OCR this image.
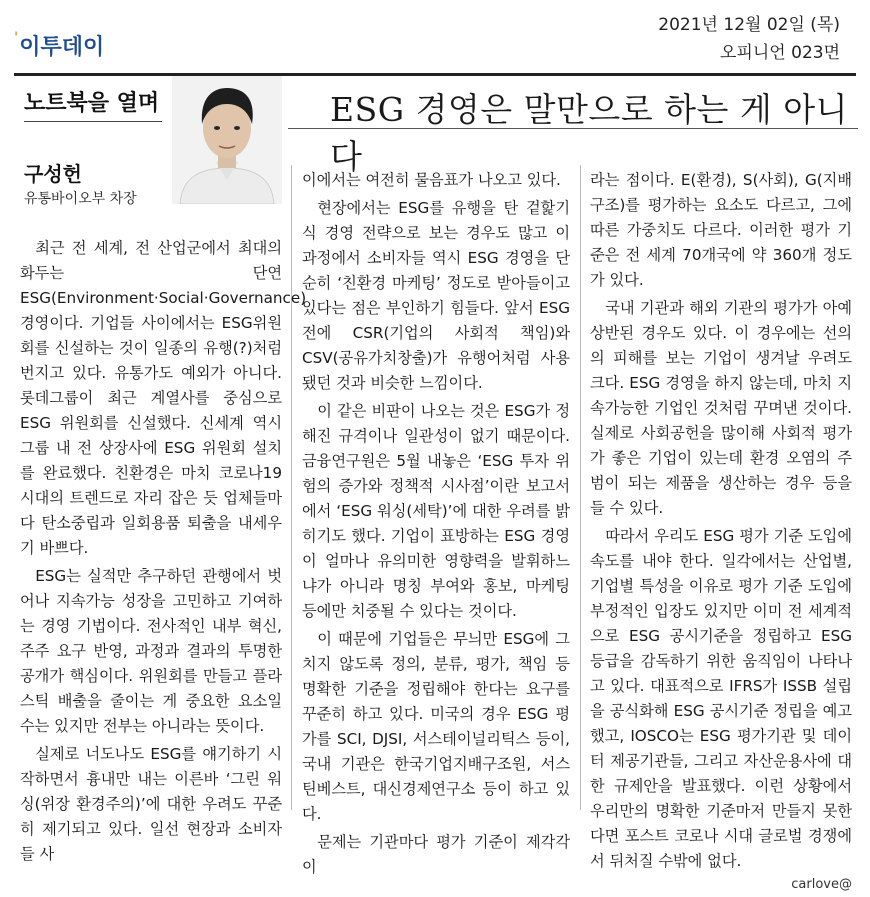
'이투데이
2021년 12월 02일 (목)
오피니언 023면
노트북을 열며	ESG 경영은 말만으로 하는 게 아니다
구성헌
유통바이오부 차장

최근 전 세계, 전 산업군에서 최대의 화두는 단연 ESG(Environment·Social·Governance) 경영이다. 기업들 사이에서는 ESG위원회를 신설하는 것이 일종의 유행(?)처럼 번지고 있다. 유통가도 예외가 아니다. 롯데그룹이 최근 계열사를 중심으로 ESG 위원회를 신설했다. 신세계 역시 그룹 내 전 상장사에 ESG 위원회 설치를 완료했다. 친환경은 마치 코로나19 시대의 트렌드로 자리 잡은 듯 업체들마다 탄소중립과 일회용품 퇴출을 내세우기 바쁘다.

ESG는 실적만 추구하던 관행에서 벗어나 지속가능 성장을 고민하고 기여하는 경영 기법이다. 전사적인 내부 혁신, 주주 요구 반영, 과정과 결과의 투명한 공개가 핵심이다. 위원회를 만들고 플라스틱 배출을 줄이는 게 중요한 요소일 수는 있지만 전부는 아니라는 뜻이다.

실제로 너도나도 ESG를 얘기하기 시작하면서 흉내만 내는 이른바 ‘그린 워싱(위장 환경주의)’에 대한 우려도 꾸준히 제기되고 있다. 일선 현장과 소비자들 사

이에서는 여전히 물음표가 나오고 있다.

현장에서는 ESG를 유행을 탄 겉핥기식 경영 전략으로 보는 경우도 많고 이 과정에서 소비자들 역시 ESG 경영을 단순히 ‘친환경 마케팅’ 정도로 받아들이고 있다는 점은 부인하기 힘들다. 앞서 ESG 전에 CSR(기업의 사회적 책임)와 CSV(공유가치창출)가 유행어처럼 사용됐던 것과 비슷한 느낌이다.

이 같은 비판이 나오는 것은 ESG가 정해진 규격이나 일관성이 없기 때문이다. 금융연구원은 5월 내놓은 ‘ESG 투자 위험의 증가와 정책적 시사점’이란 보고서에서 ‘ESG 워싱(세탁)’에 대한 우려를 밝히기도 했다. 기업이 표방하는 ESG 경영이 얼마나 유의미한 영향력을 발휘하느냐가 아니라 명칭 부여와 홍보, 마케팅 등에만 치중될 수 있다는 것이다.

이 때문에 기업들은 무늬만 ESG에 그치지 않도록 정의, 분류, 평가, 책임 등 명확한 기준을 정립해야 한다는 요구를 꾸준히 하고 있다. 미국의 경우 ESG 평가를 SCI, DJSI, 서스테이널리틱스 등이, 국내 기관은 한국기업지배구조원, 서스틴베스트, 대신경제연구소 등이 하고 있다.

문제는 기관마다 평가 기준이 제각각이

라는 점이다. E(환경), S(사회), G(지배구조)를 평가하는 요소도 다르고, 그에 따른 가중치도 다르다. 이러한 평가 기준은 전 세계 70개국에 약 360개 정도가 있다.

국내 기관과 해외 기관의 평가가 아예 상반된 경우도 있다. 이 경우에는 선의의 피해를 보는 기업이 생겨날 우려도 크다. ESG 경영을 하지 않는데, 마치 지속가능한 기업인 것처럼 꾸며낸 것이다. 실제로 사회공헌을 많이해 사회적 평가가 좋은 기업이 있는데 환경 오염의 주범이 되는 제품을 생산하는 경우 등을 들 수 있다.

따라서 우리도 ESG 평가 기준 도입에 속도를 내야 한다. 일각에서는 산업별, 기업별 특성을 이유로 평가 기준 도입에 부정적인 입장도 있지만 이미 전 세계적으로 ESG 공시기준을 정립하고 ESG 등급을 감독하기 위한 움직임이 나타나고 있다. 대표적으로 IFRS가 ISSB 설립을 공식화해 ESG 공시기준 정립을 예고했고, IOSCO는 ESG 평가기관 및 데이터 제공기관들, 그리고 자산운용사에 대한 규제안을 발표했다. 이런 상황에서 우리만의 명확한 기준마저 만들지 못한다면 포스트 코로나 시대 글로벌 경쟁에서 뒤처질 수밖에 없다.

carlove@
